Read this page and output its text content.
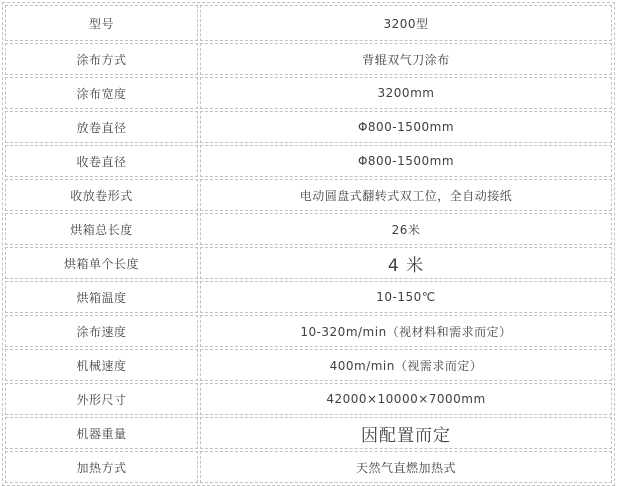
型号	3200型
涂布方式	背辊双气刀涂布
涂布宽度	3200mm
放卷直径	Φ800-1500mm
收卷直径	Φ800-1500mm
收放卷形式	电动圆盘式翻转式双工位，全自动接纸
烘箱总长度	26米
烘箱单个长度	4 米
烘箱温度	10-150℃
涂布速度	10-320m/min（视材料和需求而定）
机械速度	400m/min（视需求而定）
外形尺寸	42000×10000×7000mm
机器重量	因配置而定
加热方式	天然气直燃加热式
